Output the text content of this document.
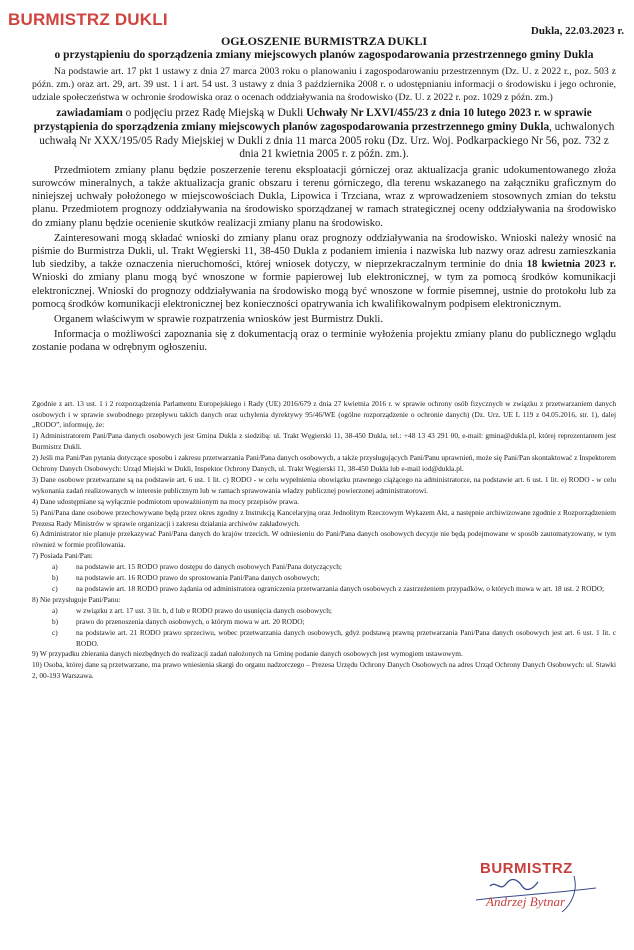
BURMISTRZ DUKLI
Dukla, 22.03.2023 r.
OGŁOSZENIE BURMISTRZA DUKLI
o przystąpieniu do sporządzenia zmiany miejscowych planów zagospodarowania przestrzennego gminy Dukla

Na podstawie art. 17 pkt 1 ustawy z dnia 27 marca 2003 roku o planowaniu i zagospodarowaniu przestrzennym (Dz. U. z 2022 r., poz. 503 z późn. zm.) oraz art. 29, art. 39 ust. 1 i art. 54 ust. 3 ustawy z dnia 3 października 2008 r. o udostępnianiu informacji o środowisku i jego ochronie, udziale społeczeństwa w ochronie środowiska oraz o ocenach oddziaływania na środowisko (Dz. U. z 2022 r. poz. 1029 z późn. zm.)

zawiadamiam o podjęciu przez Radę Miejską w Dukli Uchwały Nr LXVI/455/23 z dnia 10 lutego 2023 r. w sprawie przystąpienia do sporządzenia zmiany miejscowych planów zagospodarowania przestrzennego gminy Dukla, uchwalonych uchwałą Nr XXX/195/05 Rady Miejskiej w Dukli z dnia 11 marca 2005 roku (Dz. Urz. Woj. Podkarpackiego Nr 56, poz. 732 z dnia 21 kwietnia 2005 r. z późn. zm.).

Przedmiotem zmiany planu będzie poszerzenie terenu eksploatacji górniczej oraz aktualizacja granic udokumentowanego złoża surowców mineralnych, a także aktualizacja granic obszaru i terenu górniczego, dla terenu wskazanego na załączniku graficznym do niniejszej uchwały położonego w miejscowościach Dukla, Lipowica i Trzciana, wraz z wprowadzeniem stosownych zmian do tekstu planu. Przedmiotem prognozy oddziaływania na środowisko sporządzanej w ramach strategicznej oceny oddziaływania na środowisko do zmiany planu będzie ocenienie skutków realizacji zmiany planu na środowisko.

Zainteresowani mogą składać wnioski do zmiany planu oraz prognozy oddziaływania na środowisko. Wnioski należy wnosić na piśmie do Burmistrza Dukli, ul. Trakt Węgierski 11, 38-450 Dukla z podaniem imienia i nazwiska lub nazwy oraz adresu zamieszkania lub siedziby, a także oznaczenia nieruchomości, której wniosek dotyczy, w nieprzekraczalnym terminie do dnia 18 kwietnia 2023 r. Wnioski do zmiany planu mogą być wnoszone w formie papierowej lub elektronicznej, w tym za pomocą środków komunikacji elektronicznej. Wnioski do prognozy oddziaływania na środowisko mogą być wnoszone w formie pisemnej, ustnie do protokołu lub za pomocą środków komunikacji elektronicznej bez konieczności opatrywania ich kwalifikowalnym podpisem elektronicznym.

Organem właściwym w sprawie rozpatrzenia wniosków jest Burmistrz Dukli.

Informacja o możliwości zapoznania się z dokumentacją oraz o terminie wyłożenia projektu zmiany planu do publicznego wglądu zostanie podana w odrębnym ogłoszeniu.

Zgodnie z art. 13 ust. 1 i 2 rozporządzenia Parlamentu Europejskiego i Rady (UE) 2016/679 z dnia 27 kwietnia 2016 r. w sprawie ochrony osób fizycznych w związku z przetwarzaniem danych osobowych i w sprawie swobodnego przepływu takich danych oraz uchylenia dyrektywy 95/46/WE (ogólne rozporządzenie o ochronie danych) (Dz. Urz. UE L 119 z 04.05.2016, str. 1), dalej „RODO”, informuję, że:

1) Administratorem Pani/Pana danych osobowych jest Gmina Dukla z siedzibą: ul. Trakt Węgierski 11, 38-450 Dukla, tel.: +48 13 43 291 00, e-mail: gmina@dukla.pl, której reprezentantem jest Burmistrz Dukli.

2) Jeśli ma Pani/Pan pytania dotyczące sposobu i zakresu przetwarzania Pani/Pana danych osobowych, a także przysługujących Pani/Panu uprawnień, może się Pani/Pan skontaktować z Inspektorem Ochrony Danych Osobowych: Urząd Miejski w Dukli, Inspektor Ochrony Danych, ul. Trakt Węgierski 11, 38-450 Dukla lub e-mail iod@dukla.pl.

3) Dane osobowe przetwarzane są na podstawie art. 6 ust. 1 lit. c) RODO - w celu wypełnienia obowiązku prawnego ciążącego na administratorze, na podstawie art. 6 ust. 1 lit. e) RODO - w celu wykonania zadań realizowanych w interesie publicznym lub w ramach sprawowania władzy publicznej powierzonej administratorowi.

4) Dane udostępniane są wyłącznie podmiotom upoważnionym na mocy przepisów prawa.

5) Pani/Pana dane osobowe przechowywane będą przez okres zgodny z Instrukcją Kancelaryjną oraz Jednolitym Rzeczowym Wykazem Akt, a następnie archiwizowane zgodnie z Rozporządzeniem Prezesa Rady Ministrów w sprawie organizacji i zakresu działania archiwów zakładowych.

6) Administrator nie planuje przekazywać Pani/Pana danych do krajów trzecich. W odniesieniu do Pani/Pana danych osobowych decyzje nie będą podejmowane w sposób zautomatyzowany, w tym również w formie profilowania.

7) Posiada Pani/Pan:

a)	na podstawie art. 15 RODO prawo dostępu do danych osobowych Pani/Pana dotyczących;
b)	na podstawie art. 16 RODO prawo do sprostowania Pani/Pana danych osobowych;
c)	na podstawie art. 18 RODO prawo żądania od administratora ograniczenia przetwarzania danych osobowych z zastrzeżeniem przypadków, o których mowa w art. 18 ust. 2 RODO;

8) Nie przysługuje Pani/Panu:

a)	w związku z art. 17 ust. 3 lit. b, d lub e RODO prawo do usunięcia danych osobowych;
b)	prawo do przenoszenia danych osobowych, o którym mowa w art. 20 RODO;
c)	na podstawie art. 21 RODO prawo sprzeciwu, wobec przetwarzania danych osobowych, gdyż podstawą prawną przetwarzania Pani/Pana danych osobowych jest art. 6 ust. 1 lit. c RODO.

9) W przypadku zbierania danych niezbędnych do realizacji zadań nałożonych na Gminę podanie danych osobowych jest wymogiem ustawowym.

10) Osoba, której dane są przetwarzane, ma prawo wniesienia skargi do organu nadzorczego – Prezesa Urzędu Ochrony Danych Osobowych na adres Urząd Ochrony Danych Osobowych: ul. Stawki 2, 00-193 Warszawa.

BURMISTRZ
Andrzej Bytnar
